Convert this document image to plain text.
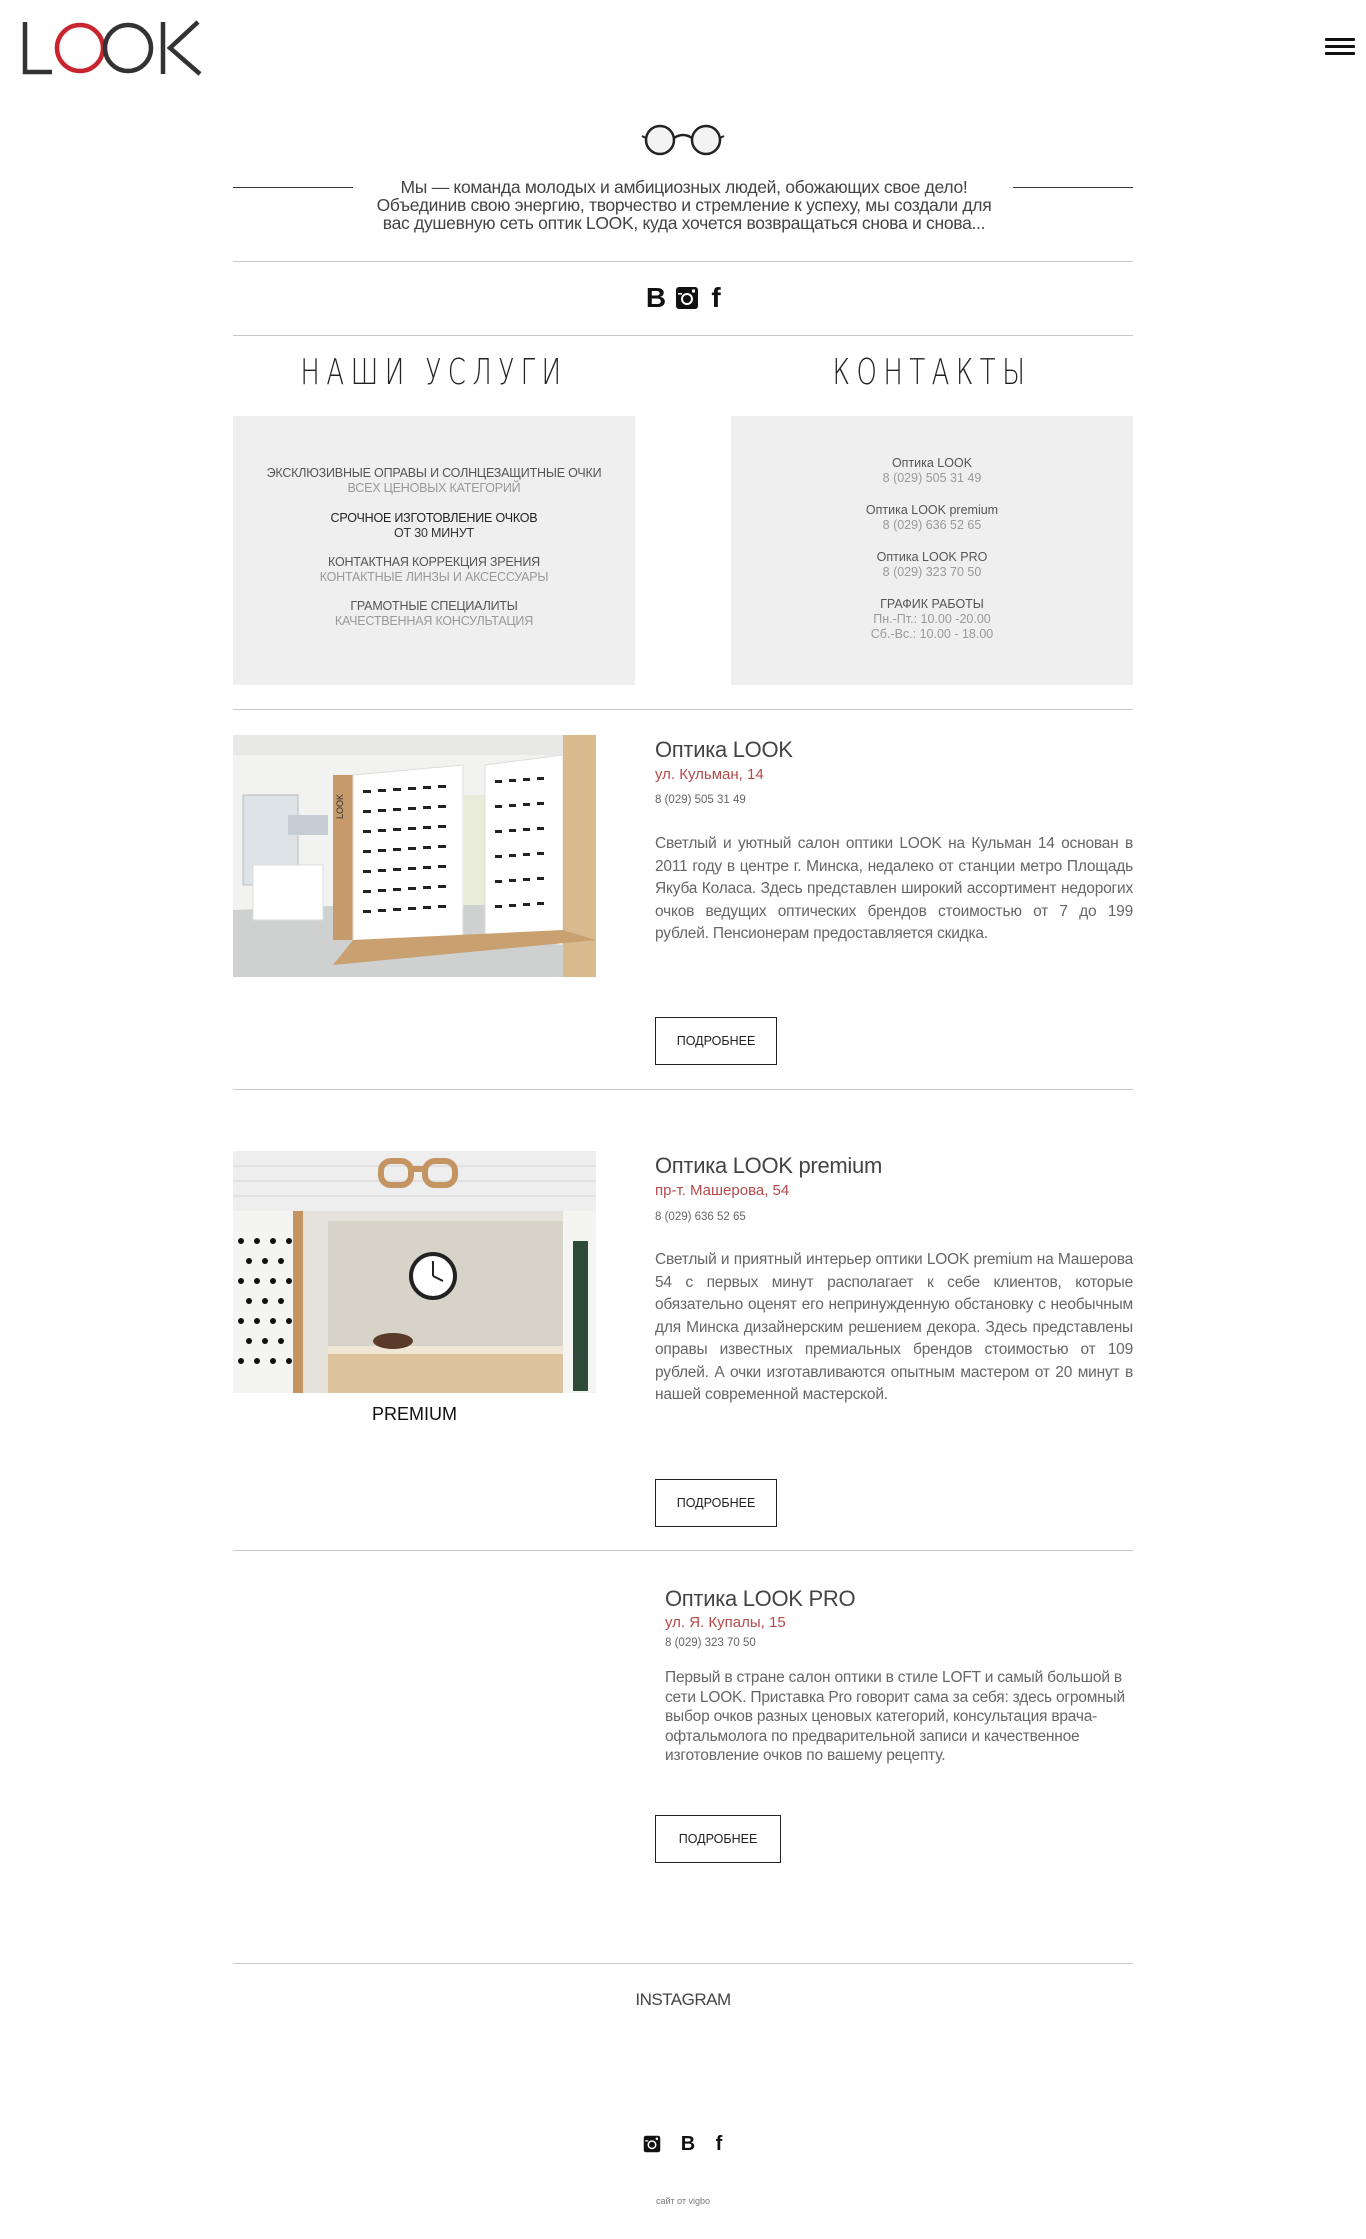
Мы — команда молодых и амбициозных людей, обожающих свое дело! Объединив свою энергию, творчество и стремление к успеху, мы создали для вас душевную сеть оптик LOOK, куда хочется возвращаться снова и снова...
B f
НАШИ УСЛУГИ	КОНТАКТЫ
ЭКСКЛЮЗИВНЫЕ ОПРАВЫ И СОЛНЦЕЗАЩИТНЫЕ ОЧКИ
ВСЕХ ЦЕНОВЫХ КАТЕГОРИЙ
СРОЧНОЕ ИЗГОТОВЛЕНИЕ ОЧКОВ
ОТ 30 МИНУТ
КОНТАКТНАЯ КОРРЕКЦИЯ ЗРЕНИЯ
КОНТАКТНЫЕ ЛИНЗЫ И АКСЕССУАРЫ
ГРАМОТНЫЕ СПЕЦИАЛИТЫ
КАЧЕСТВЕННАЯ КОНСУЛЬТАЦИЯ
Оптика LOOK
8 (029) 505 31 49
Оптика LOOK premium
8 (029) 636 52 65
Оптика LOOK PRO
8 (029) 323 70 50
ГРАФИК РАБОТЫ
Пн.-Пт.: 10.00 -20.00
Сб.-Вс.: 10.00 - 18.00
LOOK
Оптика LOOK
ул. Кульман, 14
8 (029) 505 31 49
Светлый и уютный салон оптики LOOK на Кульман 14 основан в 2011 году в центре г. Минска, недалеко от станции метро Площадь Якуба Коласа. Здесь представлен широкий ассортимент недорогих очков ведущих оптических брендов стоимостью от 7 до 199 рублей. Пенсионерам предоставляется скидка.
ПОДРОБНЕЕ
PREMIUM
Оптика LOOK premium
пр-т. Машерова, 54
8 (029) 636 52 65
Светлый и приятный интерьер оптики LOOK premium на Машерова 54 с первых минут располагает к себе клиентов, которые обязательно оценят его непринужденную обстановку с необычным для Минска дизайнерским решением декора. Здесь представлены оправы известных премиальных брендов стоимостью от 109 рублей. А очки изготавливаются опытным мастером от 20 минут в нашей современной мастерской.
ПОДРОБНЕЕ
Оптика LOOK PRO
ул. Я. Купалы, 15
8 (029) 323 70 50
Первый в стране салон оптики в стиле LOFT и самый большой в сети LOOK. Приставка Pro говорит сама за себя: здесь огромный выбор очков разных ценовых категорий, консультация врача-офтальмолога по предварительной записи и качественное изготовление очков по вашему рецепту.
ПОДРОБНЕЕ
INSTAGRAM
B f
сайт от vigbo
